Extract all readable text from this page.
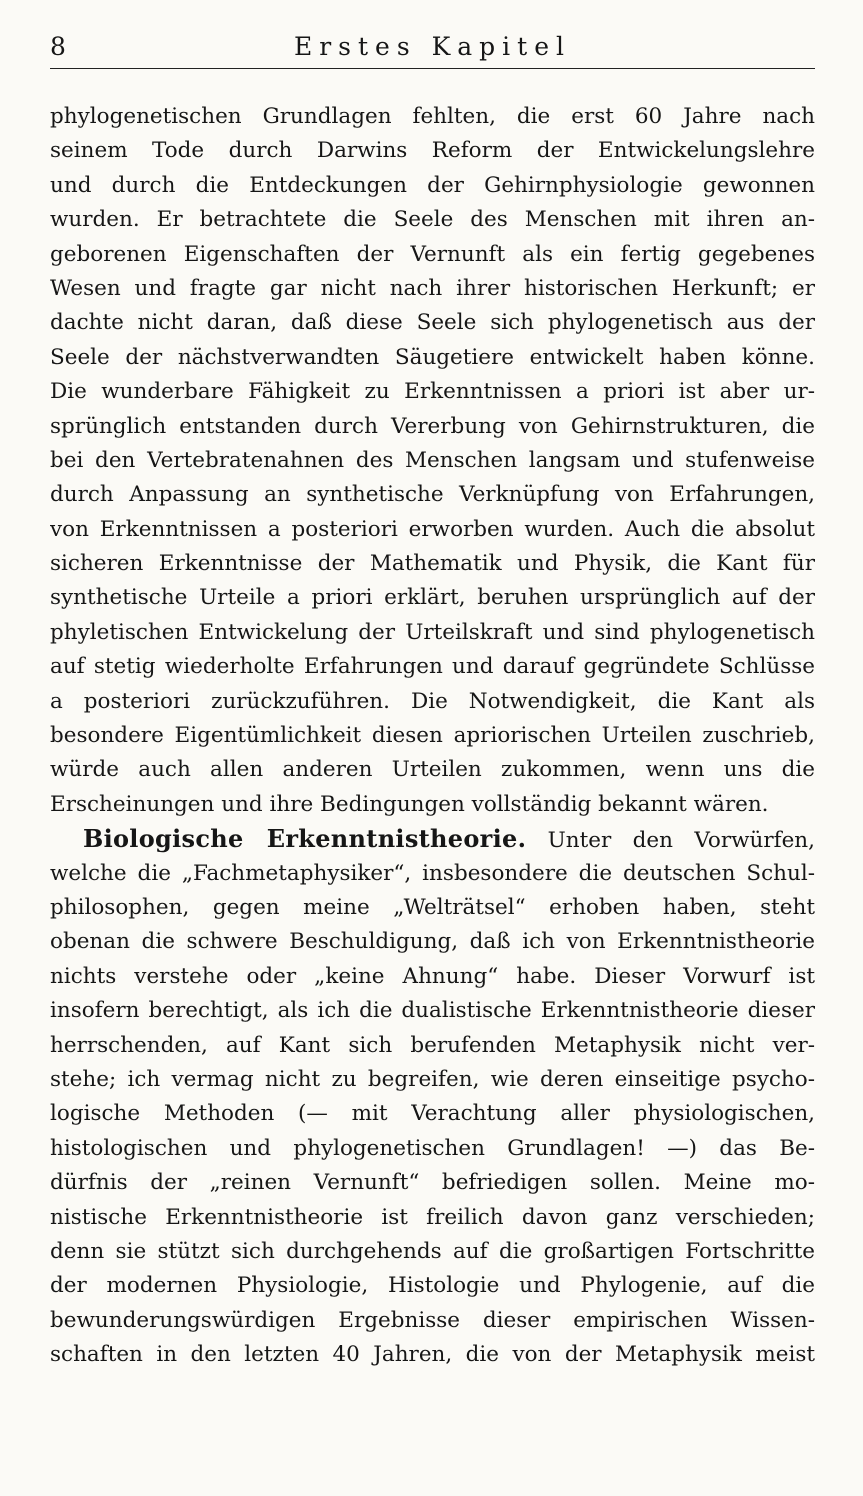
8	Erstes Kapitel
phylogenetischen Grundlagen fehlten, die erst 60 Jahre nach
seinem Tode durch Darwins Reform der Entwickelungslehre
und durch die Entdeckungen der Gehirnphysiologie gewonnen
wurden. Er betrachtete die Seele des Menschen mit ihren an-
geborenen Eigenschaften der Vernunft als ein fertig gegebenes
Wesen und fragte gar nicht nach ihrer historischen Herkunft; er
dachte nicht daran, daß diese Seele sich phylogenetisch aus der
Seele der nächstverwandten Säugetiere entwickelt haben könne.
Die wunderbare Fähigkeit zu Erkenntnissen a priori ist aber ur-
sprünglich entstanden durch Vererbung von Gehirnstrukturen, die
bei den Vertebratenahnen des Menschen langsam und stufenweise
durch Anpassung an synthetische Verknüpfung von Erfahrungen,
von Erkenntnissen a posteriori erworben wurden. Auch die absolut
sicheren Erkenntnisse der Mathematik und Physik, die Kant für
synthetische Urteile a priori erklärt, beruhen ursprünglich auf der
phyletischen Entwickelung der Urteilskraft und sind phylogenetisch
auf stetig wiederholte Erfahrungen und darauf gegründete Schlüsse
a posteriori zurückzuführen. Die Notwendigkeit, die Kant als
besondere Eigentümlichkeit diesen apriorischen Urteilen zuschrieb,
würde auch allen anderen Urteilen zukommen, wenn uns die
Erscheinungen und ihre Bedingungen vollständig bekannt wären.
Biologische Erkenntnistheorie. Unter den Vorwürfen,
welche die „Fachmetaphysiker“, insbesondere die deutschen Schul-
philosophen, gegen meine „Welträtsel“ erhoben haben, steht
obenan die schwere Beschuldigung, daß ich von Erkenntnistheorie
nichts verstehe oder „keine Ahnung“ habe. Dieser Vorwurf ist
insofern berechtigt, als ich die dualistische Erkenntnistheorie dieser
herrschenden, auf Kant sich berufenden Metaphysik nicht ver-
stehe; ich vermag nicht zu begreifen, wie deren einseitige psycho-
logische Methoden (— mit Verachtung aller physiologischen,
histologischen und phylogenetischen Grundlagen! —) das Be-
dürfnis der „reinen Vernunft“ befriedigen sollen. Meine mo-
nistische Erkenntnistheorie ist freilich davon ganz verschieden;
denn sie stützt sich durchgehends auf die großartigen Fortschritte
der modernen Physiologie, Histologie und Phylogenie, auf die
bewunderungswürdigen Ergebnisse dieser empirischen Wissen-
schaften in den letzten 40 Jahren, die von der Metaphysik meist
